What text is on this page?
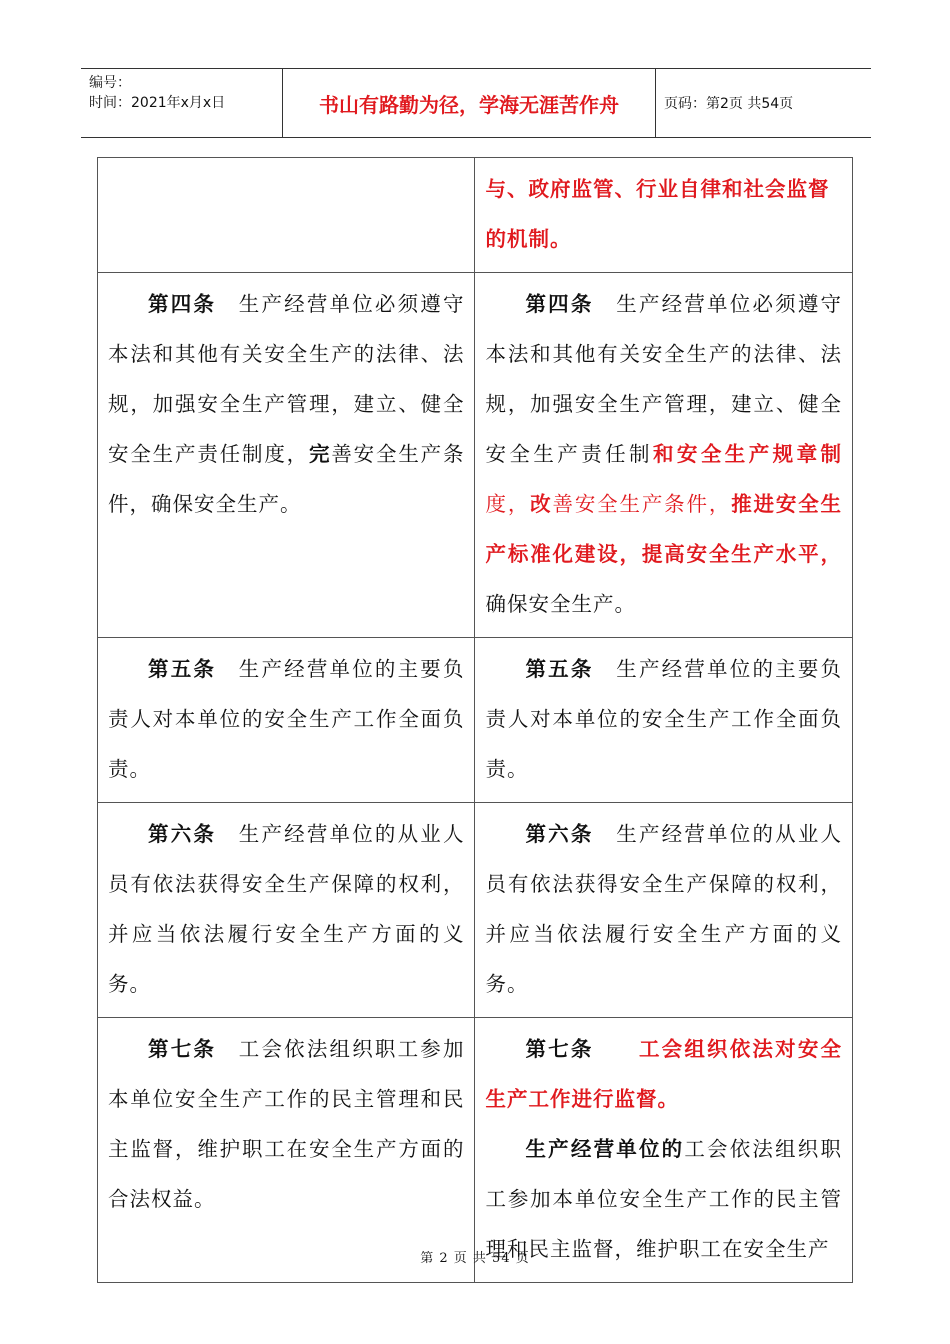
编号：
时间：2021年x月x日	书山有路勤为径，学海无涯苦作舟	页码：第2页 共54页

	与、政府监管、行业自律和社会监督

的机制。

第四条　 生产经营单位必须遵守本法和其他有关安全生产的法律、法规，加强安全生产管理，建立、健全安全生产责任制度，完善安全生产条件，确保安全生产。	第四条　 生产经营单位必须遵守本法和其他有关安全生产的法律、法规，加强安全生产管理，建立、健全安全生产责任制和安全生产规章制度，改善安全生产条件，推进安全生产标准化建设，提高安全生产水平，确保安全生产。

第五条　 生产经营单位的主要负责人对本单位的安全生产工作全面负责。	第五条　 生产经营单位的主要负责人对本单位的安全生产工作全面负责。

第六条　 生产经营单位的从业人员有依法获得安全生产保障的权利，并应当依法履行安全生产方面的义务。	第六条　 生产经营单位的从业人员有依法获得安全生产保障的权利，并应当依法履行安全生产方面的义务。

第七条　 工会依法组织职工参加本单位安全生产工作的民主管理和民主监督，维护职工在安全生产方面的合法权益。	第七条　　 工会组织依法对安全生产工作进行监督。

生产经营单位的工会依法组织职工参加本单位安全生产工作的民主管理和民主监督，维护职工在安全生产

第 2 页 共 54 页
